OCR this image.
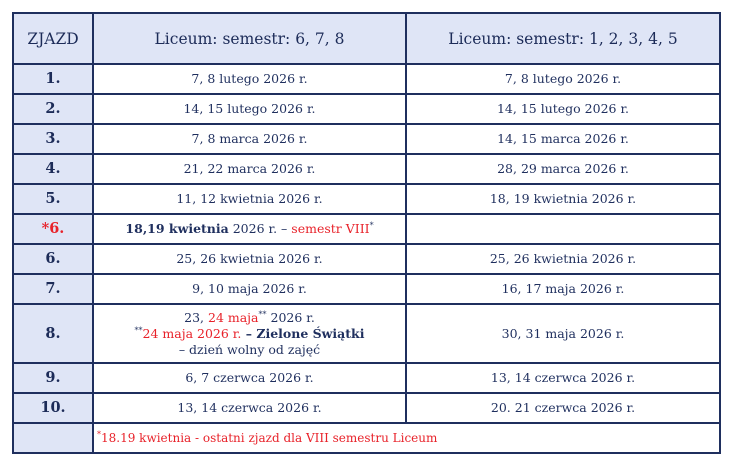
ZJAZD	Liceum: semestr: 6, 7, 8	Liceum: semestr: 1, 2, 3, 4, 5
1.	7, 8 lutego 2026 r.	7, 8 lutego 2026 r.
2.	14, 15 lutego 2026 r.	14, 15 lutego 2026 r.
3.	7, 8 marca 2026 r.	14, 15 marca 2026 r.
4.	21, 22 marca 2026 r.	28, 29 marca 2026 r.
5.	11, 12 kwietnia 2026 r.	18, 19 kwietnia 2026 r.
*6.	18,19 kwietnia 2026 r. – semestr VIII*	
6.	25, 26 kwietnia 2026 r.	25, 26 kwietnia 2026 r.
7.	9, 10 maja 2026 r.	16, 17 maja 2026 r.
8.	23, 24 maja** 2026 r.
**24 maja 2026 r. – Zielone Świątki
– dzień wolny od zajęć	30, 31 maja 2026 r.
9.	6, 7 czerwca 2026 r.	13, 14 czerwca 2026 r.
10.	13, 14 czerwca 2026 r.	20. 21 czerwca 2026 r.
	*18.19 kwietnia - ostatni zjazd dla VIII semestru Liceum	
